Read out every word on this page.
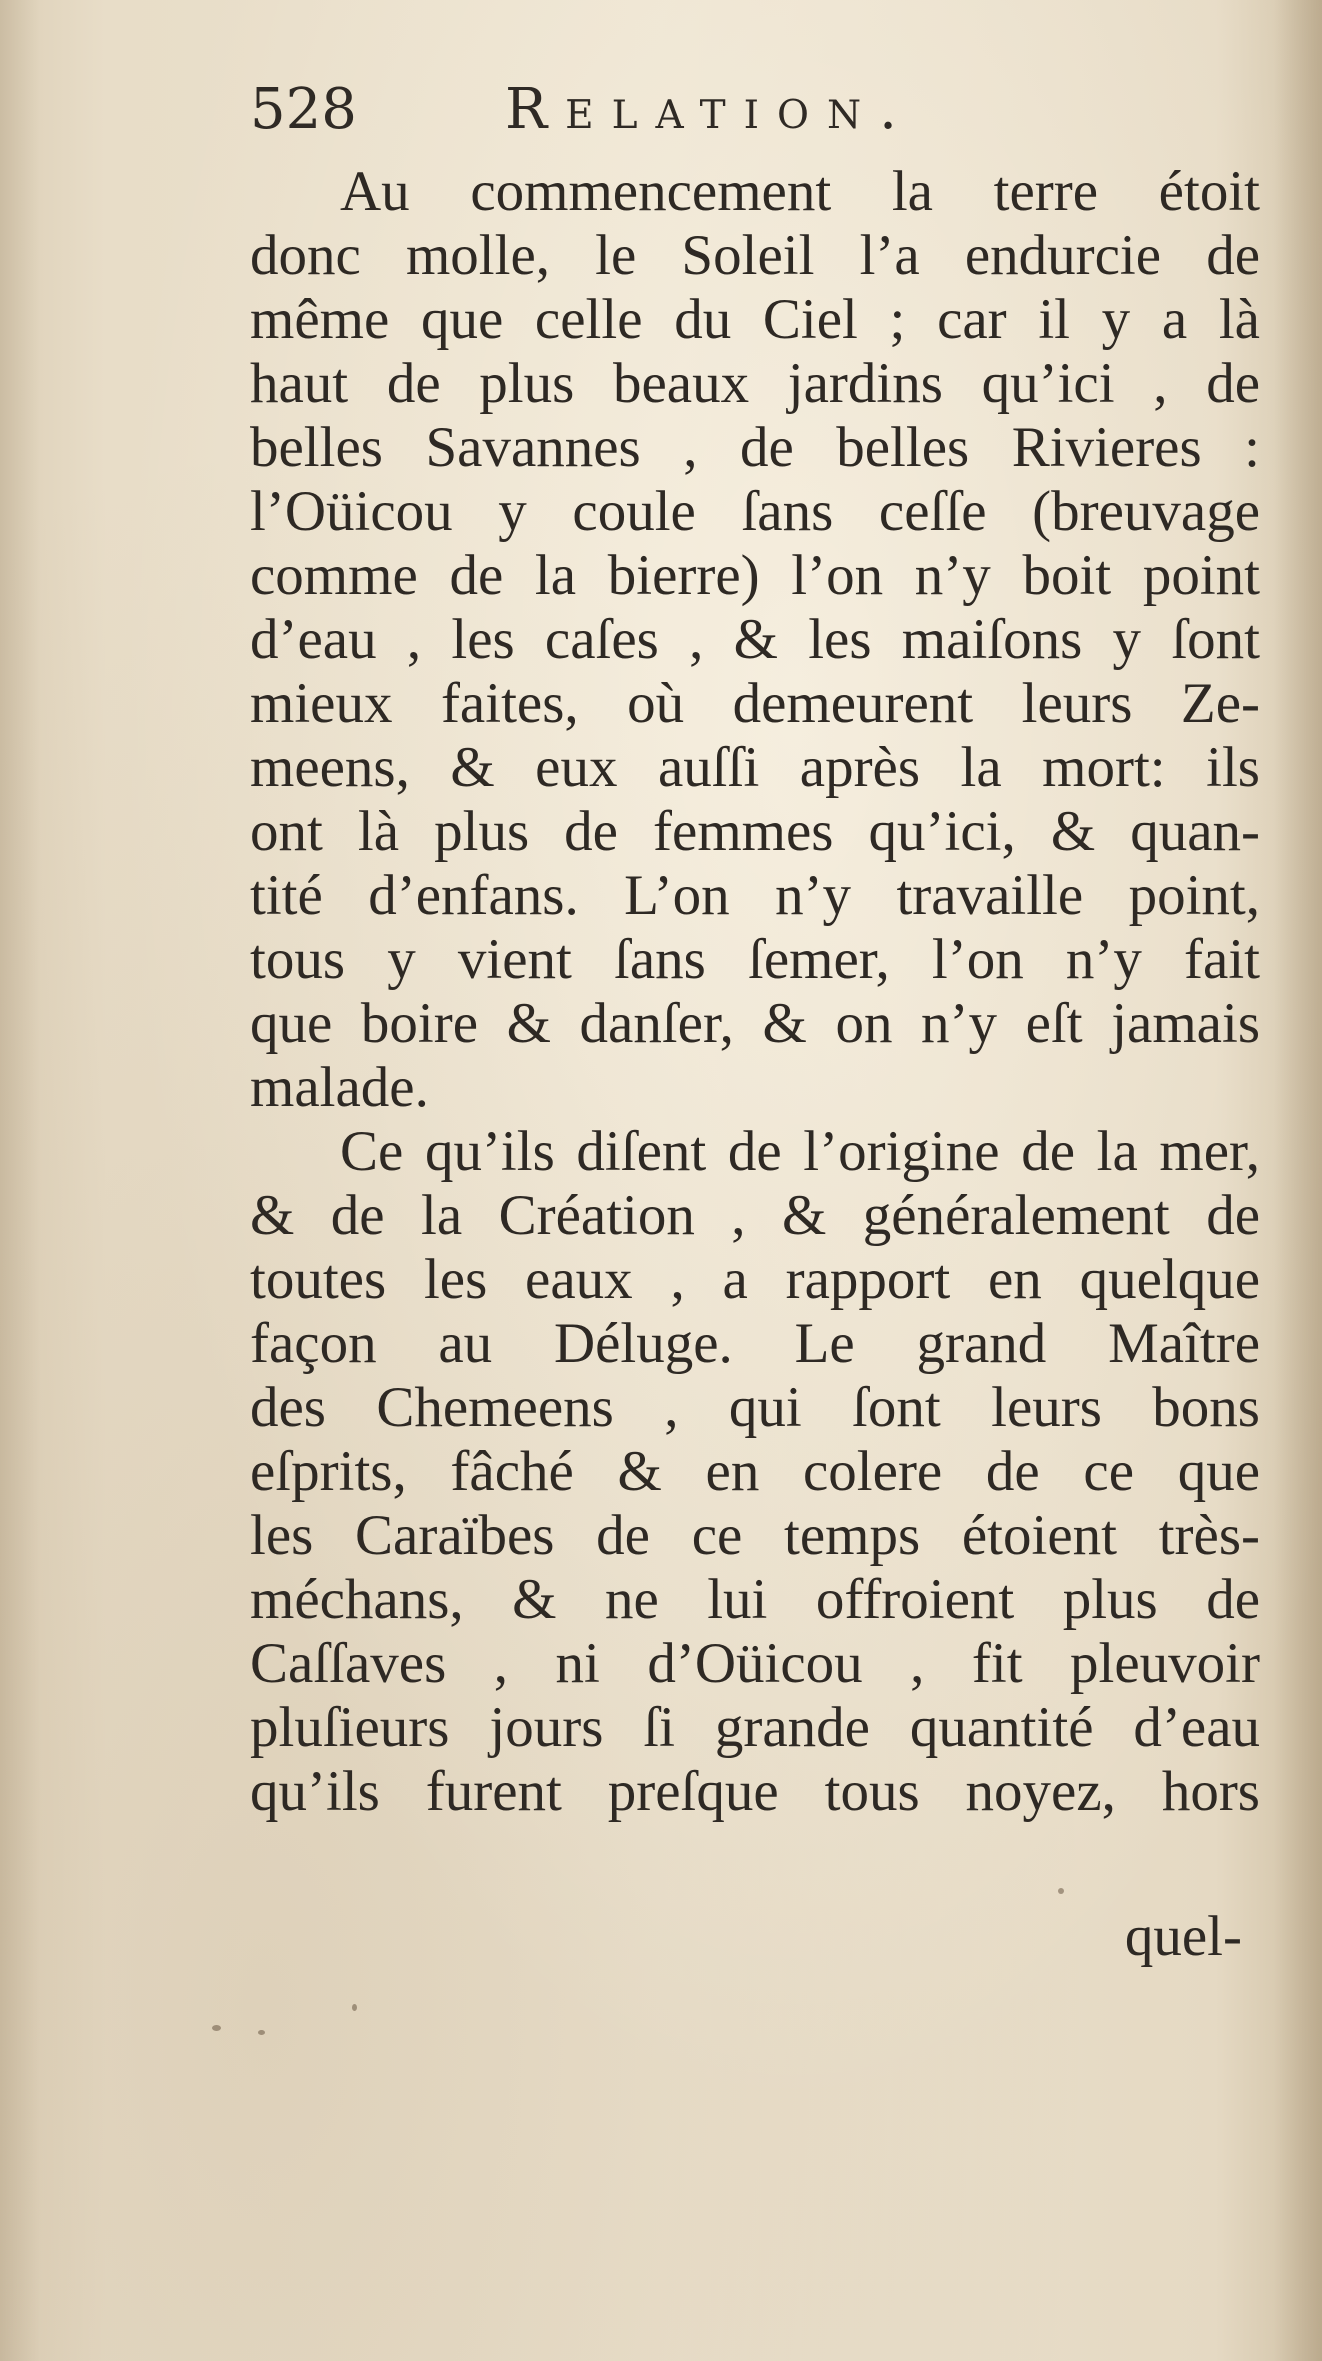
528	Relation.
Au commencement la terre étoit
donc molle, le Soleil l’a endurcie de
même que celle du Ciel ; car il y a là
haut de plus beaux jardins qu’ici , de
belles Savannes , de belles Rivieres :
l’Oüicou y coule ſans ceſſe (breuvage
comme de la bierre) l’on n’y boit point
d’eau , les caſes , & les maiſons y ſont
mieux faites, où demeurent leurs Ze-
meens, & eux auſſi après la mort: ils
ont là plus de femmes qu’ici, & quan-
tité d’enfans. L’on n’y travaille point,
tous y vient ſans ſemer, l’on n’y fait
que boire & danſer, & on n’y eſt jamais
malade.
Ce qu’ils diſent de l’origine de la mer,
& de la Création , & généralement de
toutes les eaux , a rapport en quelque
façon au Déluge. Le grand Maître
des Chemeens , qui ſont leurs bons
eſprits, fâché & en colere de ce que
les Caraïbes de ce temps étoient très-
méchans, & ne lui offroient plus de
Caſſaves , ni d’Oüicou , fit pleuvoir
pluſieurs jours ſi grande quantité d’eau
qu’ils furent preſque tous noyez, hors
quel-
